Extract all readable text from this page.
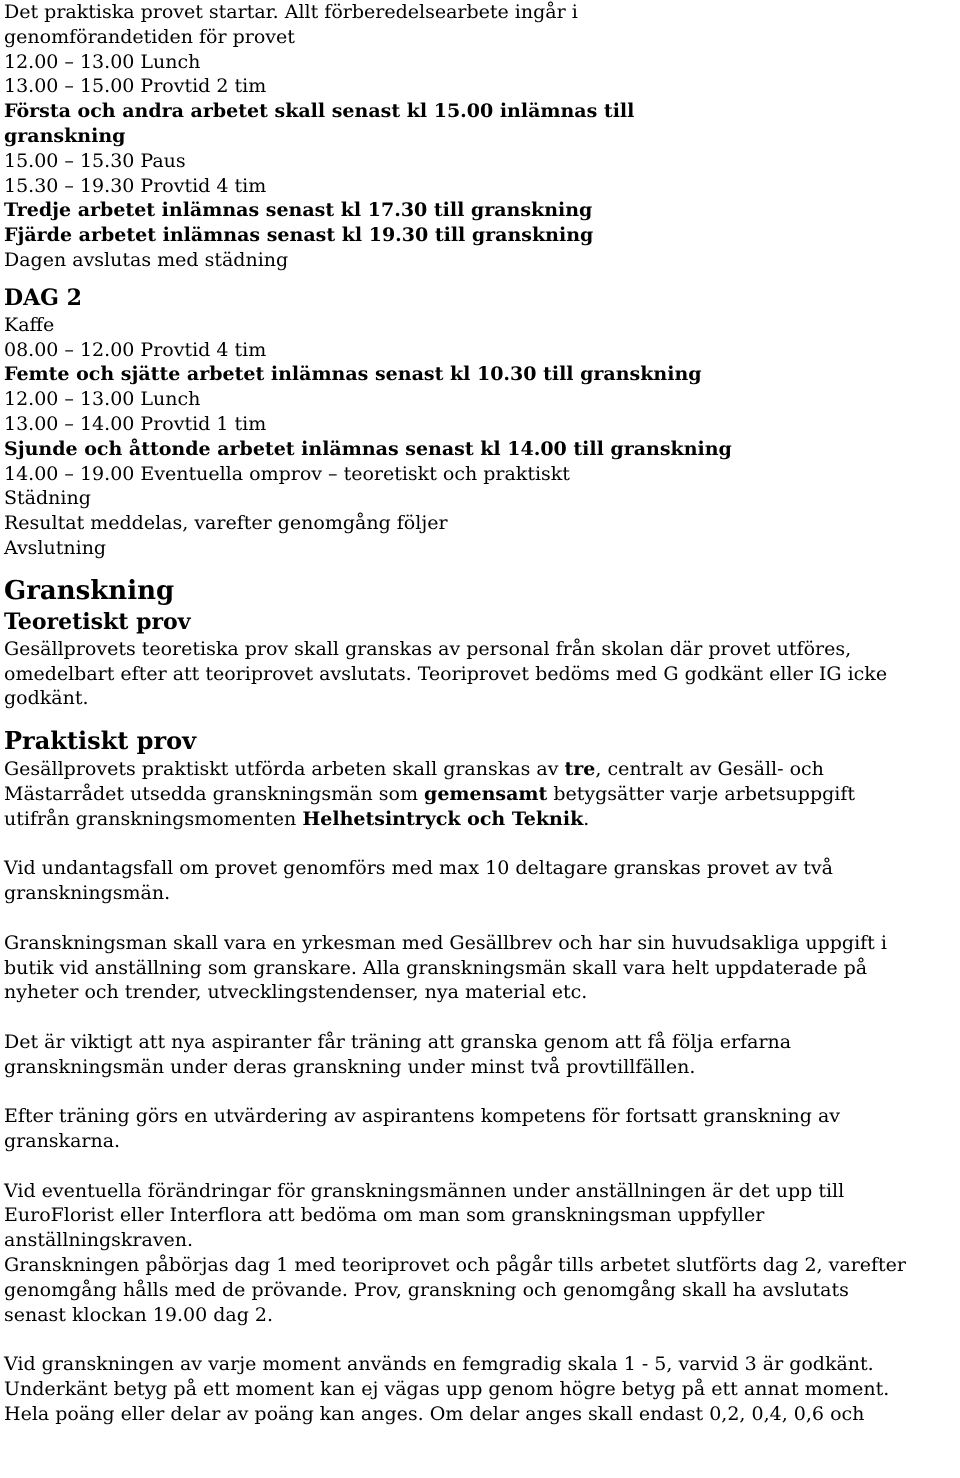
Det praktiska provet startar. Allt förberedelsearbete ingår i

genomförandetiden för provet

12.00 – 13.00 Lunch

13.00 – 15.00 Provtid 2 tim

Första och andra arbetet skall senast kl 15.00 inlämnas till

granskning

15.00 – 15.30 Paus

15.30 – 19.30 Provtid 4 tim

Tredje arbetet inlämnas senast kl 17.30 till granskning

Fjärde arbetet inlämnas senast kl 19.30 till granskning

Dagen avslutas med städning

DAG 2

Kaffe

08.00 – 12.00 Provtid 4 tim

Femte och sjätte arbetet inlämnas senast kl 10.30 till granskning

12.00 – 13.00 Lunch

13.00 – 14.00 Provtid 1 tim

Sjunde och åttonde arbetet inlämnas senast kl 14.00 till granskning

14.00 – 19.00 Eventuella omprov – teoretiskt och praktiskt

Städning

Resultat meddelas, varefter genomgång följer

Avslutning

Granskning
Teoretiskt prov

Gesällprovets teoretiska prov skall granskas av personal från skolan där provet utföres,

omedelbart efter att teoriprovet avslutats. Teoriprovet bedöms med G godkänt eller IG icke

godkänt.

Praktiskt prov

Gesällprovets praktiskt utförda arbeten skall granskas av tre, centralt av Gesäll- och

Mästarrådet utsedda granskningsmän som gemensamt betygsätter varje arbetsuppgift

utifrån granskningsmomenten Helhetsintryck och Teknik.

Vid undantagsfall om provet genomförs med max 10 deltagare granskas provet av två

granskningsmän.

Granskningsman skall vara en yrkesman med Gesällbrev och har sin huvudsakliga uppgift i

butik vid anställning som granskare. Alla granskningsmän skall vara helt uppdaterade på

nyheter och trender, utvecklingstendenser, nya material etc.

Det är viktigt att nya aspiranter får träning att granska genom att få följa erfarna

granskningsmän under deras granskning under minst två provtillfällen.

Efter träning görs en utvärdering av aspirantens kompetens för fortsatt granskning av

granskarna.

Vid eventuella förändringar för granskningsmännen under anställningen är det upp till

EuroFlorist eller Interflora att bedöma om man som granskningsman uppfyller

anställningskraven.

Granskningen påbörjas dag 1 med teoriprovet och pågår tills arbetet slutförts dag 2, varefter

genomgång hålls med de prövande. Prov, granskning och genomgång skall ha avslutats

senast klockan 19.00 dag 2.

Vid granskningen av varje moment används en femgradig skala 1 - 5, varvid 3 är godkänt.

Underkänt betyg på ett moment kan ej vägas upp genom högre betyg på ett annat moment.

Hela poäng eller delar av poäng kan anges. Om delar anges skall endast 0,2, 0,4, 0,6 och
